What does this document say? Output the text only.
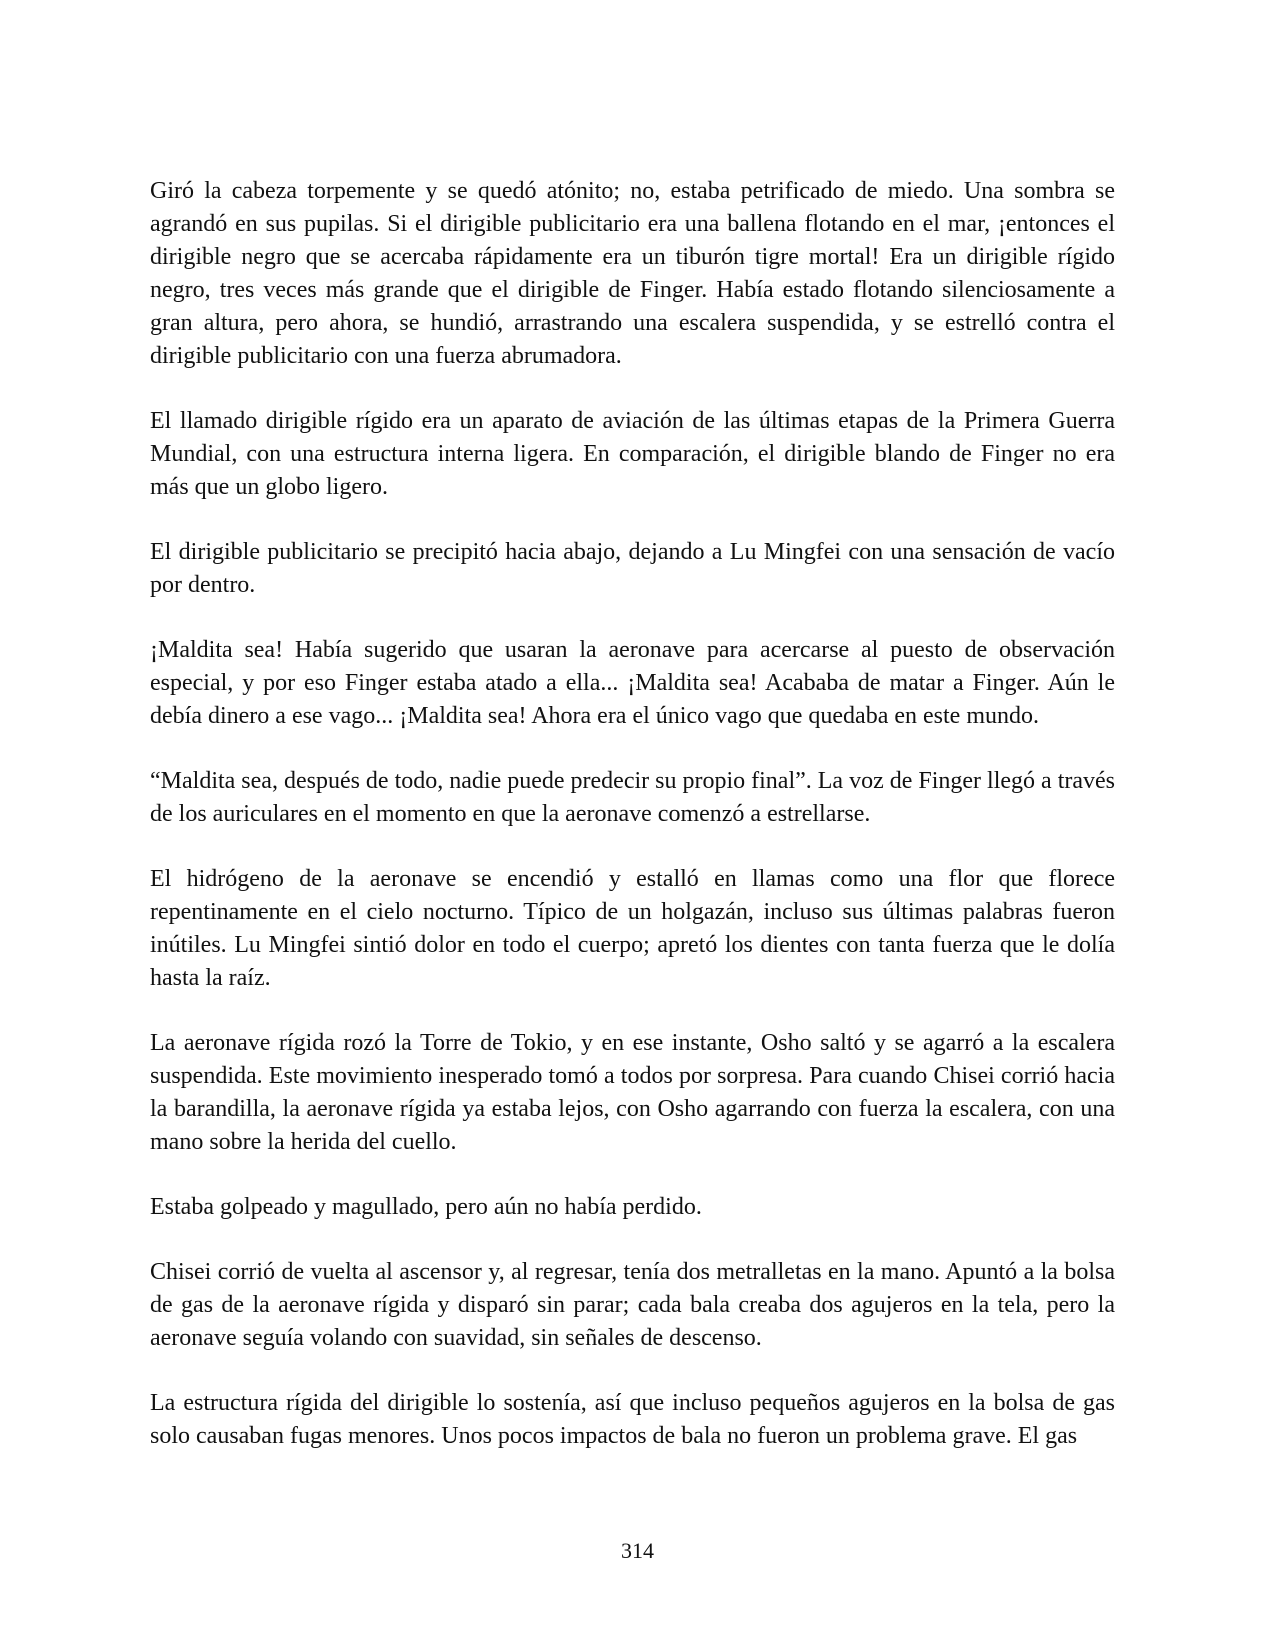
Giró la cabeza torpemente y se quedó atónito; no, estaba petrificado de miedo. Una sombra se agrandó en sus pupilas. Si el dirigible publicitario era una ballena flotando en el mar, ¡entonces el dirigible negro que se acercaba rápidamente era un tiburón tigre mortal! Era un dirigible rígido negro, tres veces más grande que el dirigible de Finger. Había estado flotando silenciosamente a gran altura, pero ahora, se hundió, arrastrando una escalera suspendida, y se estrelló contra el dirigible publicitario con una fuerza abrumadora.

El llamado dirigible rígido era un aparato de aviación de las últimas etapas de la Primera Guerra Mundial, con una estructura interna ligera. En comparación, el dirigible blando de Finger no era más que un globo ligero.

El dirigible publicitario se precipitó hacia abajo, dejando a Lu Mingfei con una sensación de vacío por dentro.

¡Maldita sea! Había sugerido que usaran la aeronave para acercarse al puesto de observación especial, y por eso Finger estaba atado a ella... ¡Maldita sea! Acababa de matar a Finger. Aún le debía dinero a ese vago... ¡Maldita sea! Ahora era el único vago que quedaba en este mundo.

“Maldita sea, después de todo, nadie puede predecir su propio final”. La voz de Finger llegó a través de los auriculares en el momento en que la aeronave comenzó a estrellarse.

El hidrógeno de la aeronave se encendió y estalló en llamas como una flor que florece repentinamente en el cielo nocturno. Típico de un holgazán, incluso sus últimas palabras fueron inútiles. Lu Mingfei sintió dolor en todo el cuerpo; apretó los dientes con tanta fuerza que le dolía hasta la raíz.

La aeronave rígida rozó la Torre de Tokio, y en ese instante, Osho saltó y se agarró a la escalera suspendida. Este movimiento inesperado tomó a todos por sorpresa. Para cuando Chisei corrió hacia la barandilla, la aeronave rígida ya estaba lejos, con Osho agarrando con fuerza la escalera, con una mano sobre la herida del cuello.

Estaba golpeado y magullado, pero aún no había perdido.

Chisei corrió de vuelta al ascensor y, al regresar, tenía dos metralletas en la mano. Apuntó a la bolsa de gas de la aeronave rígida y disparó sin parar; cada bala creaba dos agujeros en la tela, pero la aeronave seguía volando con suavidad, sin señales de descenso.

La estructura rígida del dirigible lo sostenía, así que incluso pequeños agujeros en la bolsa de gas solo causaban fugas menores. Unos pocos impactos de bala no fueron un problema grave. El gas

314
